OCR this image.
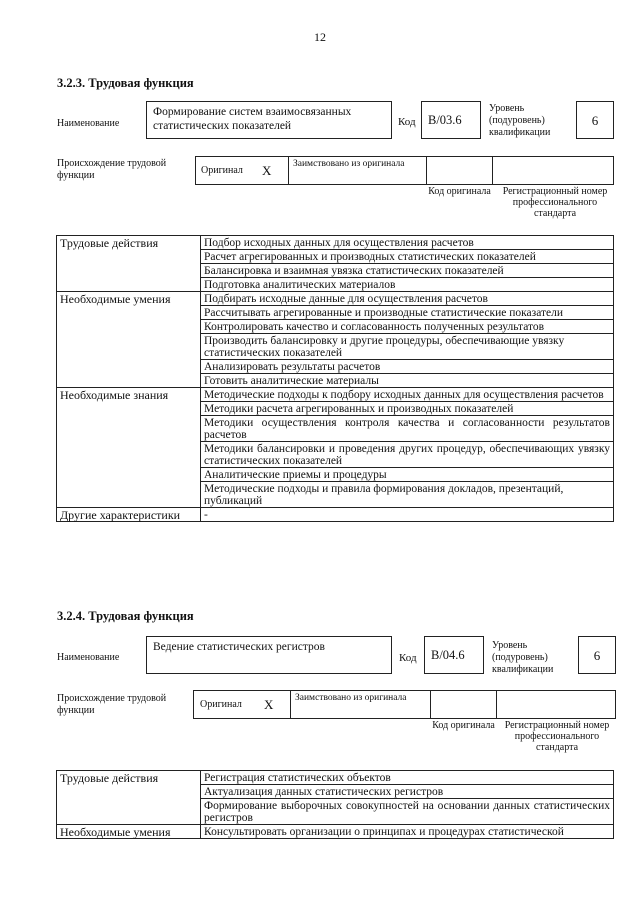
12
3.2.3. Трудовая функция
Наименование
Формирование систем взаимосвязанных статистических показателей	Код B/03.6
Уровень (подуровень) квалификации
6
Происхождение трудовой функции	Оригинал X	Заимствовано из оригинала
Код оригинала	Регистрационный номер профессионального стандарта
Трудовые действия	Подбор исходных данных для осуществления расчетов
	Расчет агрегированных и производных статистических показателей
	Балансировка и взаимная увязка статистических показателей
	Подготовка аналитических материалов
Необходимые умения	Подбирать исходные данные для осуществления расчетов
	Рассчитывать агрегированные и производные статистические показатели
	Контролировать качество и согласованность полученных результатов
	Производить балансировку и другие процедуры, обеспечивающие увязку статистических показателей
	Анализировать результаты расчетов
	Готовить аналитические материалы
Необходимые знания	Методические подходы к подбору исходных данных для осуществления расчетов
	Методики расчета агрегированных и производных показателей
	Методики осуществления контроля качества и согласованности результатов расчетов
	Методики балансировки и проведения других процедур, обеспечивающих увязку статистических показателей
	Аналитические приемы и процедуры
	Методические подходы и правила формирования докладов, презентаций, публикаций
Другие характеристики	-
3.2.4. Трудовая функция
Наименование
Ведение статистических регистров
Код	B/04.6
Уровень (подуровень) квалификации
6
Происхождение трудовой функции
Оригинал X	Заимствовано из оригинала
Код оригинала Регистрационный номер профессионального стандарта
Трудовые действия	Регистрация статистических объектов
	Актуализация данных статистических регистров
	Формирование выборочных совокупностей на основании данных статистических регистров
Необходимые умения	Консультировать организации о принципах и процедурах статистической
